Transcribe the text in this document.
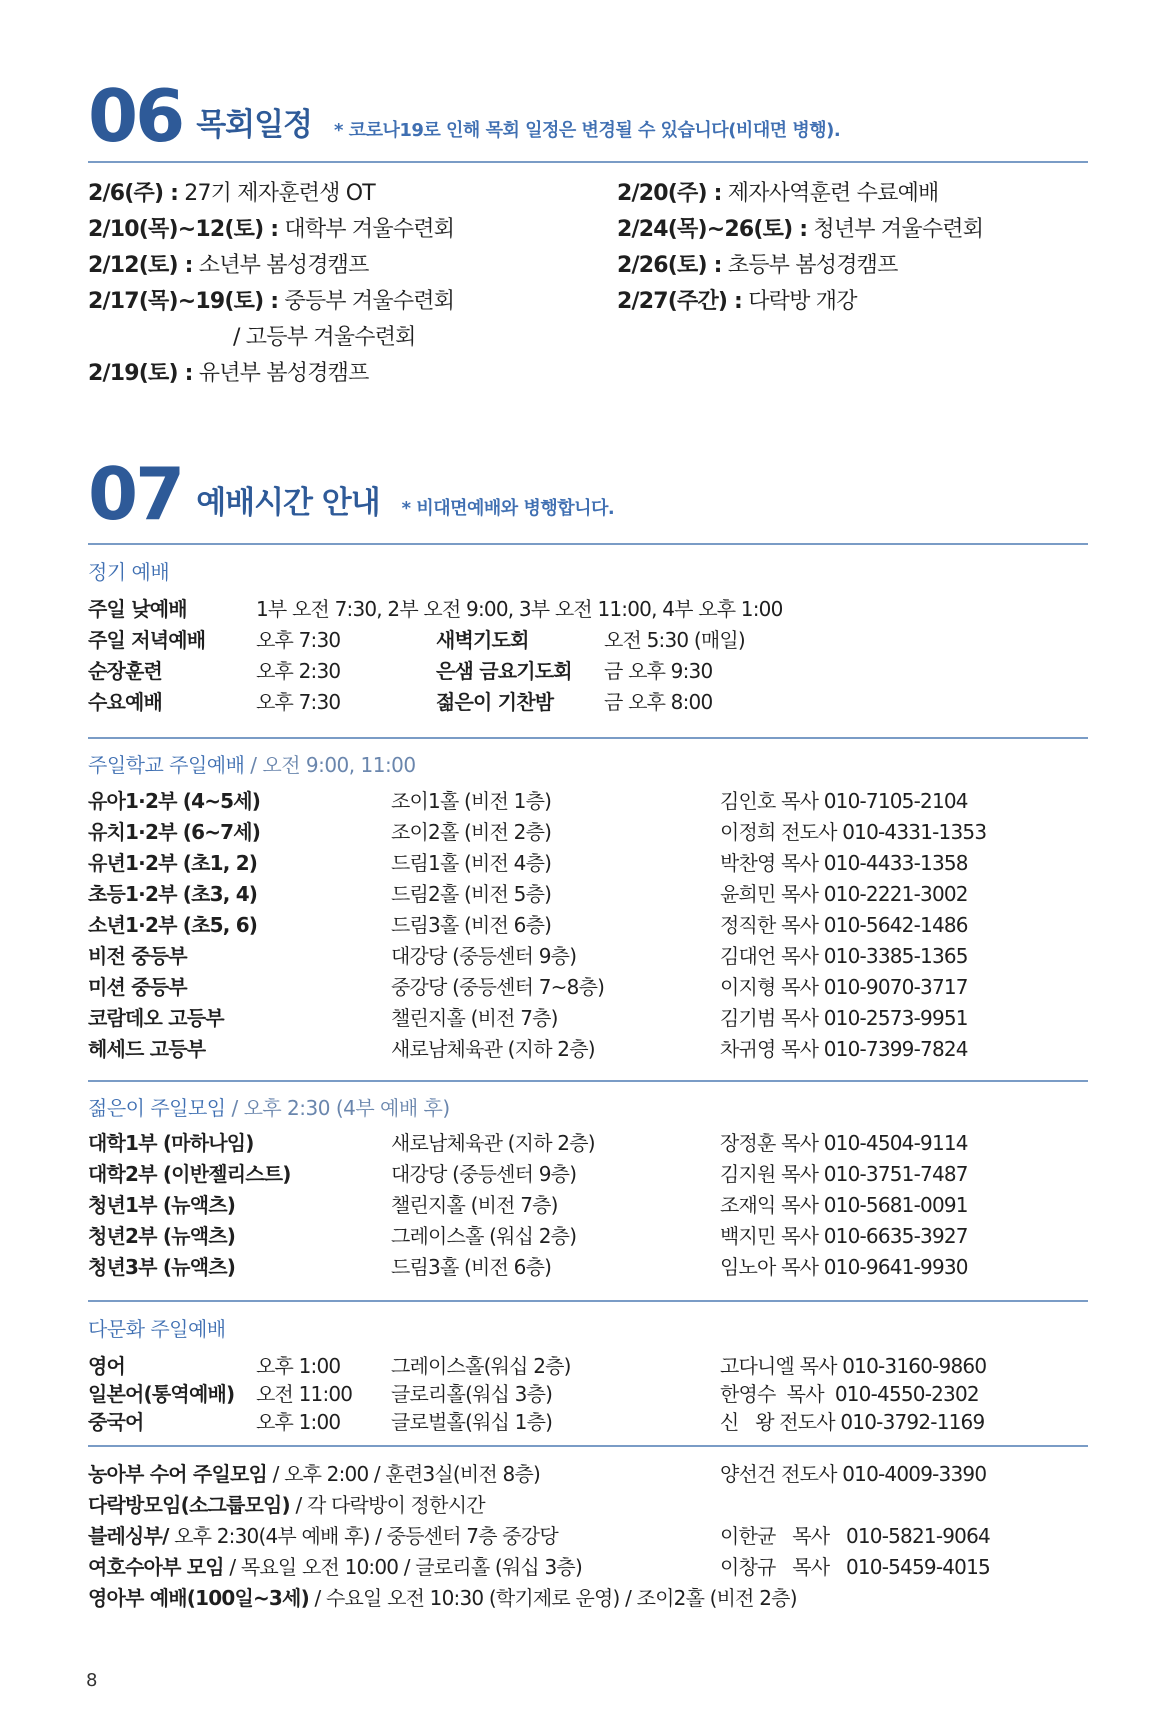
06 목회일정 * 코로나19로 인해 목회 일정은 변경될 수 있습니다(비대면 병행).
2/6(주) : 27기 제자훈련생 OT
2/10(목)~12(토) : 대학부 겨울수련회
2/12(토) : 소년부 봄성경캠프
2/17(목)~19(토) : 중등부 겨울수련회
/ 고등부 겨울수련회
2/19(토) : 유년부 봄성경캠프
2/20(주) : 제자사역훈련 수료예배
2/24(목)~26(토) : 청년부 겨울수련회
2/26(토) : 초등부 봄성경캠프
2/27(주간) : 다락방 개강
07 예배시간 안내 * 비대면예배와 병행합니다.
정기 예배
주일 낮예배	1부 오전 7:30, 2부 오전 9:00, 3부 오전 11:00, 4부 오후 1:00
주일 저녁예배	오후 7:30	새벽기도회	오전 5:30 (매일)
순장훈련	오후 2:30	은샘 금요기도회 금 오후 9:30
수요예배	오후 7:30	젊은이 기찬밤	금 오후 8:00
주일학교 주일예배 / 오전 9:00, 11:00
유아1·2부 (4~5세)	조이1홀 (비전 1층)	김인호 목사 010-7105-2104
유치1·2부 (6~7세)	조이2홀 (비전 2층)	이정희 전도사 010-4331-1353
유년1·2부 (초1, 2)	드림1홀 (비전 4층)	박찬영 목사 010-4433-1358
초등1·2부 (초3, 4)	드림2홀 (비전 5층)	윤희민 목사 010-2221-3002
소년1·2부 (초5, 6)	드림3홀 (비전 6층)	정직한 목사 010-5642-1486
비전 중등부	대강당 (중등센터 9층)	김대언 목사 010-3385-1365
미션 중등부	중강당 (중등센터 7~8층)	이지형 목사 010-9070-3717
코람데오 고등부	챌린지홀 (비전 7층)	김기범 목사 010-2573-9951
헤세드 고등부	새로남체육관 (지하 2층)	차귀영 목사 010-7399-7824
젊은이 주일모임 / 오후 2:30 (4부 예배 후)
대학1부 (마하나임)	새로남체육관 (지하 2층)	장정훈 목사 010-4504-9114
대학2부 (이반젤리스트)	대강당 (중등센터 9층)	김지원 목사 010-3751-7487
청년1부 (뉴액츠)	챌린지홀 (비전 7층)	조재익 목사 010-5681-0091
청년2부 (뉴액츠)	그레이스홀 (워십 2층)	백지민 목사 010-6635-3927
청년3부 (뉴액츠)	드림3홀 (비전 6층)	임노아 목사 010-9641-9930
다문화 주일예배
영어	오후 1:00	그레이스홀(워십 2층)	고다니엘 목사 010-3160-9860
일본어(통역예배) 오전 11:00 글로리홀(워십 3층)	한영수  목사  010-4550-2302
중국어	오후 1:00	글로벌홀(워십 1층)	신   왕 전도사 010-3792-1169
농아부 수어 주일모임 / 오후 2:00 / 훈련3실(비전 8층)	양선건 전도사 010-4009-3390
다락방모임(소그룹모임) / 각 다락방이 정한시간
블레싱부/ 오후 2:30(4부 예배 후) / 중등센터 7층 중강당	이한균   목사   010-5821-9064
여호수아부 모임 / 목요일 오전 10:00 / 글로리홀 (워십 3층)	이창규   목사   010-5459-4015
영아부 예배(100일~3세) / 수요일 오전 10:30 (학기제로 운영) / 조이2홀 (비전 2층)
8
